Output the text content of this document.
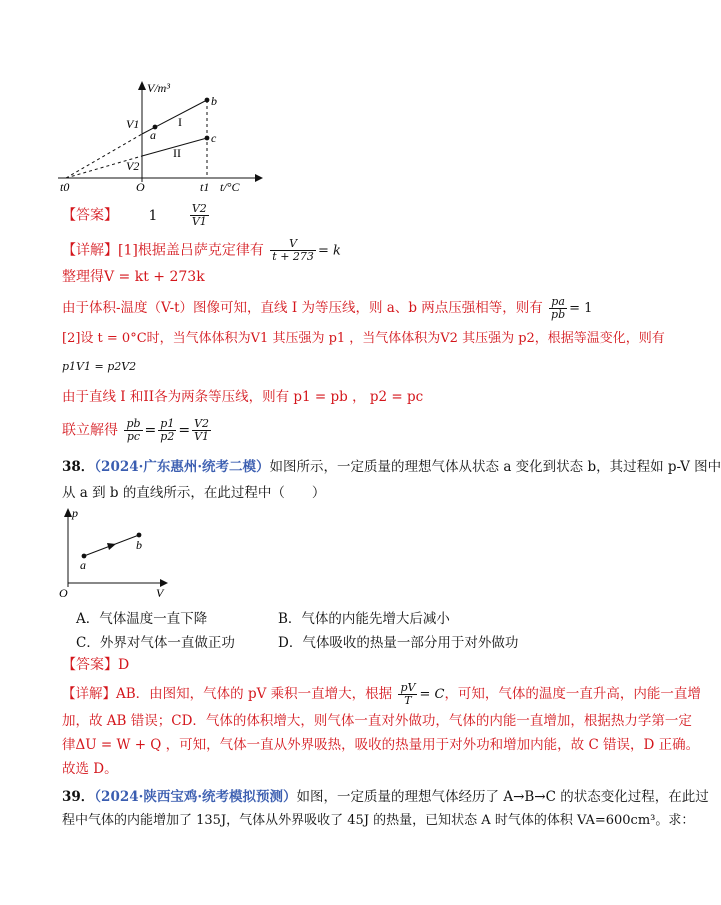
V/m³
t/°C
t0	O	t1
V1
V2
a
b
c
I
II
【答案】 1	$\frac{V2}{V1}$
【详解】[1]根据盖吕萨克定律有 $\frac{V}{t + 273} = k$
整理得V = kt + 273k
由于体积-温度（V-t）图像可知，直线 I 为等压线，则 a、b 两点压强相等，则有 $\frac{pa}{pb} = 1$
[2]设 t = 0°C时，当气体体积为V1 其压强为 p1 ，当气体体积为V2 其压强为 p2，根据等温变化，则有
p1V1 = p2V2
由于直线 I 和II各为两条等压线，则有 p1 = pb ， p2 = pc
联立解得 $\frac{pb}{pc} = \frac{p1}{p2} = \frac{V2}{V1}$
38．（2024·广东惠州·统考二模）如图所示，一定质量的理想气体从状态 a 变化到状态 b，其过程如 p-V 图中
从 a 到 b 的直线所示，在此过程中（　　）
p
V
O
a
b
A．气体温度一直下降	B．气体的内能先增大后减小
C．外界对气体一直做正功	D．气体吸收的热量一部分用于对外做功
【答案】D
【详解】AB．由图知，气体的 pV 乘积一直增大，根据 $\frac{pV}{T} = C$，可知，气体的温度一直升高，内能一直增
加，故 AB 错误；CD．气体的体积增大，则气体一直对外做功，气体的内能一直增加，根据热力学第一定
律ΔU = W + Q ，可知，气体一直从外界吸热，吸收的热量用于对外功和增加内能，故 C 错误，D 正确。
故选 D。
39．（2024·陕西宝鸡·统考模拟预测）如图，一定质量的理想气体经历了 A→B→C 的状态变化过程，在此过
程中气体的内能增加了 135J，气体从外界吸收了 45J 的热量，已知状态 A 时气体的体积 VA=600cm³。求：
